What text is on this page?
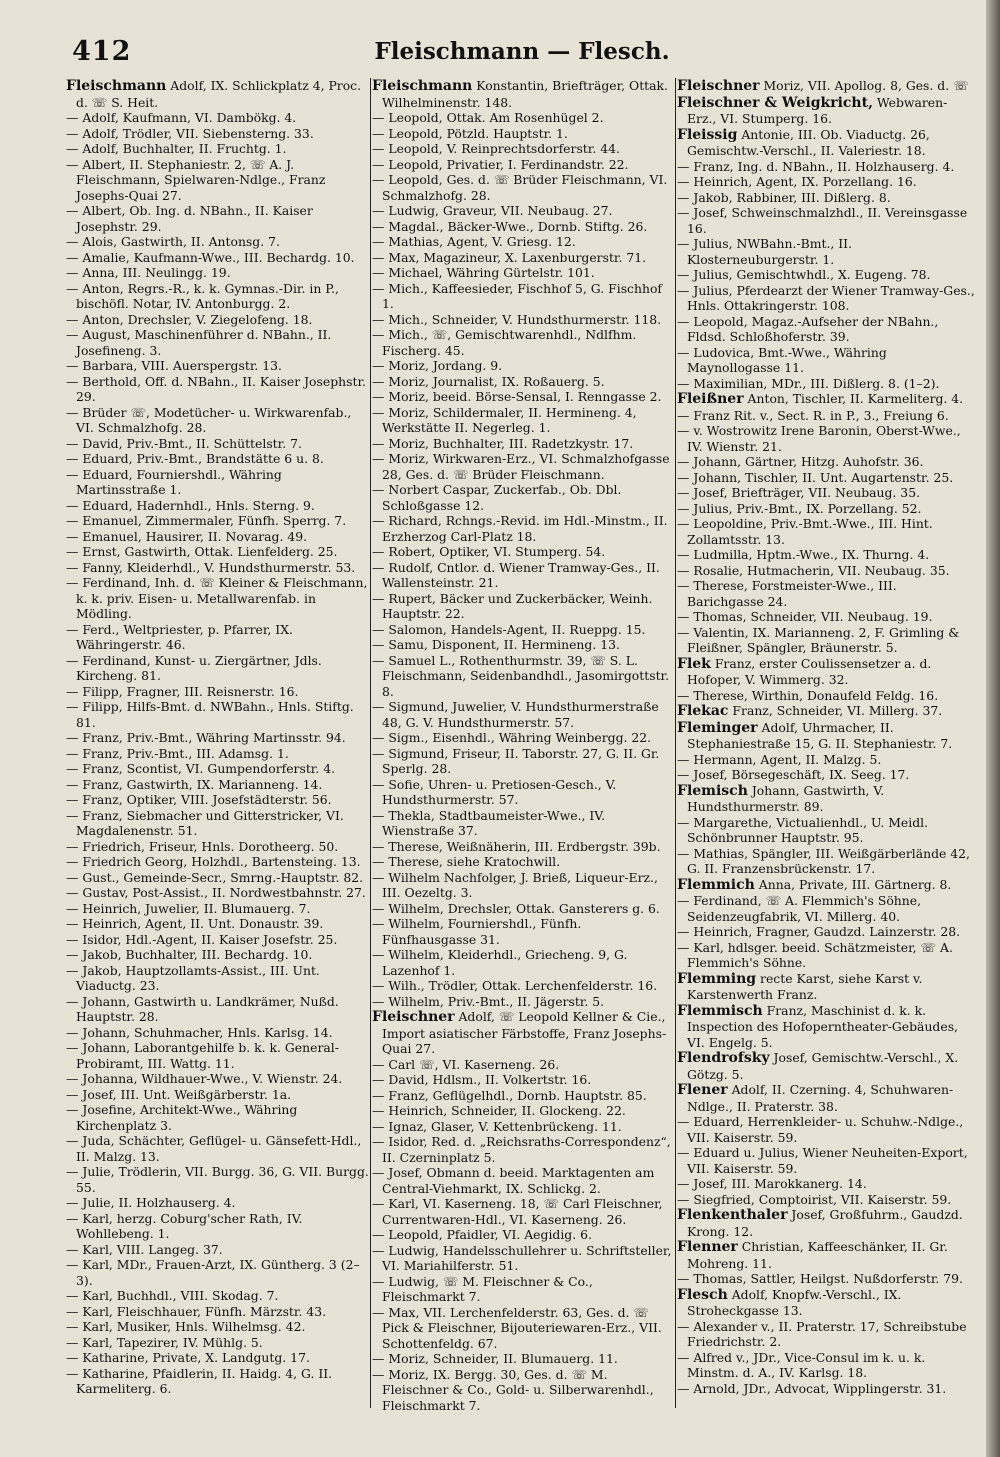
412	Fleischmann — Flesch.
Fleischmann Adolf, IX. Schlickplatz 4, Proc. d. ☏ S. Heit.
— Adolf, Kaufmann, VI. Dambökg. 4.
— Adolf, Trödler, VII. Siebensterng. 33.
— Adolf, Buchhalter, II. Fruchtg. 1.
— Albert, II. Stephaniestr. 2, ☏ A. J. Fleischmann, Spielwaren-Ndlge., Franz Josephs-Quai 27.
— Albert, Ob. Ing. d. NBahn., II. Kaiser Josephstr. 29.
— Alois, Gastwirth, II. Antonsg. 7.
— Amalie, Kaufmann-Wwe., III. Bechardg. 10.
— Anna, III. Neulingg. 19.
— Anton, Regrs.-R., k. k. Gymnas.-Dir. in P., bischöfl. Notar, IV. Antonburgg. 2.
— Anton, Drechsler, V. Ziegelofeng. 18.
— August, Maschinenführer d. NBahn., II. Josefineng. 3.
— Barbara, VIII. Auerspergstr. 13.
— Berthold, Off. d. NBahn., II. Kaiser Josephstr. 29.
— Brüder ☏, Modetücher- u. Wirkwarenfab., VI. Schmalzhofg. 28.
— David, Priv.-Bmt., II. Schüttelstr. 7.
— Eduard, Priv.-Bmt., Brandstätte 6 u. 8.
— Eduard, Fourniershdl., Währing Martinsstraße 1.
— Eduard, Hadernhdl., Hnls. Sterng. 9.
— Emanuel, Zimmermaler, Fünfh. Sperrg. 7.
— Emanuel, Hausirer, II. Novarag. 49.
— Ernst, Gastwirth, Ottak. Lienfelderg. 25.
— Fanny, Kleiderhdl., V. Hundsthurmerstr. 53.
— Ferdinand, Inh. d. ☏ Kleiner & Fleischmann, k. k. priv. Eisen- u. Metallwarenfab. in Mödling.
— Ferd., Weltpriester, p. Pfarrer, IX. Währingerstr. 46.
— Ferdinand, Kunst- u. Ziergärtner, Jdls. Kircheng. 81.
— Filipp, Fragner, III. Reisnerstr. 16.
— Filipp, Hilfs-Bmt. d. NWBahn., Hnls. Stiftg. 81.
— Franz, Priv.-Bmt., Währing Martinsstr. 94.
— Franz, Priv.-Bmt., III. Adamsg. 1.
— Franz, Scontist, VI. Gumpendorferstr. 4.
— Franz, Gastwirth, IX. Marianneng. 14.
— Franz, Optiker, VIII. Josefstädterstr. 56.
— Franz, Siebmacher und Gitterstricker, VI. Magdalenenstr. 51.
— Friedrich, Friseur, Hnls. Dorotheerg. 50.
— Friedrich Georg, Holzhdl., Bartensteing. 13.
— Gust., Gemeinde-Secr., Smrng.-Hauptstr. 82.
— Gustav, Post-Assist., II. Nordwestbahnstr. 27.
— Heinrich, Juwelier, II. Blumauerg. 7.
— Heinrich, Agent, II. Unt. Donaustr. 39.
— Isidor, Hdl.-Agent, II. Kaiser Josefstr. 25.
— Jakob, Buchhalter, III. Bechardg. 10.
— Jakob, Hauptzollamts-Assist., III. Unt. Viaductg. 23.
— Johann, Gastwirth u. Landkrämer, Nußd. Hauptstr. 28.
— Johann, Schuhmacher, Hnls. Karlsg. 14.
— Johann, Laborantgehilfe b. k. k. General-Probiramt, III. Wattg. 11.
— Johanna, Wildhauer-Wwe., V. Wienstr. 24.
— Josef, III. Unt. Weißgärberstr. 1a.
— Josefine, Architekt-Wwe., Währing Kirchenplatz 3.
— Juda, Schächter, Geflügel- u. Gänsefett-Hdl., II. Malzg. 13.
— Julie, Trödlerin, VII. Burgg. 36, G. VII. Burgg. 55.
— Julie, II. Holzhauserg. 4.
— Karl, herzg. Coburg'scher Rath, IV. Wohllebeng. 1.
— Karl, VIII. Langeg. 37.
— Karl, MDr., Frauen-Arzt, IX. Güntherg. 3 (2–3).
— Karl, Buchhdl., VIII. Skodag. 7.
— Karl, Fleischhauer, Fünfh. Märzstr. 43.
— Karl, Musiker, Hnls. Wilhelmsg. 42.
— Karl, Tapezirer, IV. Mühlg. 5.
— Katharine, Private, X. Landgutg. 17.
— Katharine, Pfaidlerin, II. Haidg. 4, G. II. Karmeliterg. 6.
Fleischmann Konstantin, Briefträger, Ottak. Wilhelminenstr. 148.
— Leopold, Ottak. Am Rosenhügel 2.
— Leopold, Pötzld. Hauptstr. 1.
— Leopold, V. Reinprechtsdorferstr. 44.
— Leopold, Privatier, I. Ferdinandstr. 22.
— Leopold, Ges. d. ☏ Brüder Fleischmann, VI. Schmalzhofg. 28.
— Ludwig, Graveur, VII. Neubaug. 27.
— Magdal., Bäcker-Wwe., Dornb. Stiftg. 26.
— Mathias, Agent, V. Griesg. 12.
— Max, Magazineur, X. Laxenburgerstr. 71.
— Michael, Währing Gürtelstr. 101.
— Mich., Kaffeesieder, Fischhof 5, G. Fischhof 1.
— Mich., Schneider, V. Hundsthurmerstr. 118.
— Mich., ☏, Gemischtwarenhdl., Ndlfhm. Fischerg. 45.
— Moriz, Jordang. 9.
— Moriz, Journalist, IX. Roßauerg. 5.
— Moriz, beeid. Börse-Sensal, I. Renngasse 2.
— Moriz, Schildermaler, II. Hermineng. 4, Werkstätte II. Negerleg. 1.
— Moriz, Buchhalter, III. Radetzkystr. 17.
— Moriz, Wirkwaren-Erz., VI. Schmalzhofgasse 28, Ges. d. ☏ Brüder Fleischmann.
— Norbert Caspar, Zuckerfab., Ob. Dbl. Schloßgasse 12.
— Richard, Rchngs.-Revid. im Hdl.-Minstm., II. Erzherzog Carl-Platz 18.
— Robert, Optiker, VI. Stumperg. 54.
— Rudolf, Cntlor. d. Wiener Tramway-Ges., II. Wallensteinstr. 21.
— Rupert, Bäcker und Zuckerbäcker, Weinh. Hauptstr. 22.
— Salomon, Handels-Agent, II. Rueppg. 15.
— Samu, Disponent, II. Hermineng. 13.
— Samuel L., Rothenthurmstr. 39, ☏ S. L. Fleischmann, Seidenbandhdl., Jasomirgottstr. 8.
— Sigmund, Juwelier, V. Hundsthurmerstraße 48, G. V. Hundsthurmerstr. 57.
— Sigm., Eisenhdl., Währing Weinbergg. 22.
— Sigmund, Friseur, II. Taborstr. 27, G. II. Gr. Sperlg. 28.
— Sofie, Uhren- u. Pretiosen-Gesch., V. Hundsthurmerstr. 57.
— Thekla, Stadtbaumeister-Wwe., IV. Wienstraße 37.
— Therese, Weißnäherin, III. Erdbergstr. 39b.
— Therese, siehe Kratochwill.
— Wilhelm Nachfolger, J. Brieß, Liqueur-Erz., III. Oezeltg. 3.
— Wilhelm, Drechsler, Ottak. Gansterers g. 6.
— Wilhelm, Fourniershdl., Fünfh. Fünfhausgasse 31.
— Wilhelm, Kleiderhdl., Griecheng. 9, G. Lazenhof 1.
— Wilh., Trödler, Ottak. Lerchenfelderstr. 16.
— Wilhelm, Priv.-Bmt., II. Jägerstr. 5.
Fleischner Adolf, ☏ Leopold Kellner & Cie., Import asiatischer Färbstoffe, Franz Josephs-Quai 27.
— Carl ☏, VI. Kaserneng. 26.
— David, Hdlsm., II. Volkertstr. 16.
— Franz, Geflügelhdl., Dornb. Hauptstr. 85.
— Heinrich, Schneider, II. Glockeng. 22.
— Ignaz, Glaser, V. Kettenbrückeng. 11.
— Isidor, Red. d. „Reichsraths-Correspondenz“, II. Czerninplatz 5.
— Josef, Obmann d. beeid. Marktagenten am Central-Viehmarkt, IX. Schlickg. 2.
— Karl, VI. Kaserneng. 18, ☏ Carl Fleischner, Currentwaren-Hdl., VI. Kaserneng. 26.
— Leopold, Pfaidler, VI. Aegidig. 6.
— Ludwig, Handelsschullehrer u. Schriftsteller, VI. Mariahilferstr. 51.
— Ludwig, ☏ M. Fleischner & Co., Fleischmarkt 7.
— Max, VII. Lerchenfelderstr. 63, Ges. d. ☏ Pick & Fleischner, Bijouteriewaren-Erz., VII. Schottenfeldg. 67.
— Moriz, Schneider, II. Blumauerg. 11.
— Moriz, IX. Bergg. 30, Ges. d. ☏ M. Fleischner & Co., Gold- u. Silberwarenhdl., Fleischmarkt 7.
Fleischner Moriz, VII. Apollog. 8, Ges. d. ☏
Fleischner & Weigkricht, Webwaren-Erz., VI. Stumperg. 16.
Fleissig Antonie, III. Ob. Viaductg. 26, Gemischtw.-Verschl., II. Valeriestr. 18.
— Franz, Ing. d. NBahn., II. Holzhauserg. 4.
— Heinrich, Agent, IX. Porzellang. 16.
— Jakob, Rabbiner, III. Dißlerg. 8.
— Josef, Schweinschmalzhdl., II. Vereinsgasse 16.
— Julius, NWBahn.-Bmt., II. Klosterneuburgerstr. 1.
— Julius, Gemischtwhdl., X. Eugeng. 78.
— Julius, Pferdearzt der Wiener Tramway-Ges., Hnls. Ottakringerstr. 108.
— Leopold, Magaz.-Aufseher der NBahn., Fldsd. Schloßhoferstr. 39.
— Ludovica, Bmt.-Wwe., Währing Maynollogasse 11.
— Maximilian, MDr., III. Dißlerg. 8. (1–2).
Fleißner Anton, Tischler, II. Karmeliterg. 4.
— Franz Rit. v., Sect. R. in P., 3., Freiung 6.
— v. Wostrowitz Irene Baronin, Oberst-Wwe., IV. Wienstr. 21.
— Johann, Gärtner, Hitzg. Auhofstr. 36.
— Johann, Tischler, II. Unt. Augartenstr. 25.
— Josef, Briefträger, VII. Neubaug. 35.
— Julius, Priv.-Bmt., IX. Porzellang. 52.
— Leopoldine, Priv.-Bmt.-Wwe., III. Hint. Zollamtsstr. 13.
— Ludmilla, Hptm.-Wwe., IX. Thurng. 4.
— Rosalie, Hutmacherin, VII. Neubaug. 35.
— Therese, Forstmeister-Wwe., III. Barichgasse 24.
— Thomas, Schneider, VII. Neubaug. 19.
— Valentin, IX. Marianneng. 2, F. Grimling & Fleißner, Spängler, Bräunerstr. 5.
Flek Franz, erster Coulissensetzer a. d. Hofoper, V. Wimmerg. 32.
— Therese, Wirthin, Donaufeld Feldg. 16.
Flekac Franz, Schneider, VI. Millerg. 37.
Fleminger Adolf, Uhrmacher, II. Stephaniestraße 15, G. II. Stephaniestr. 7.
— Hermann, Agent, II. Malzg. 5.
— Josef, Börsegeschäft, IX. Seeg. 17.
Flemisch Johann, Gastwirth, V. Hundsthurmerstr. 89.
— Margarethe, Victualienhdl., U. Meidl. Schönbrunner Hauptstr. 95.
— Mathias, Spängler, III. Weißgärberlände 42, G. II. Franzensbrückenstr. 17.
Flemmich Anna, Private, III. Gärtnerg. 8.
— Ferdinand, ☏ A. Flemmich's Söhne, Seidenzeugfabrik, VI. Millerg. 40.
— Heinrich, Fragner, Gaudzd. Lainzerstr. 28.
— Karl, hdlsger. beeid. Schätzmeister, ☏ A. Flemmich's Söhne.
Flemming recte Karst, siehe Karst v. Karstenwerth Franz.
Flemmisch Franz, Maschinist d. k. k. Inspection des Hofoperntheater-Gebäudes, VI. Engelg. 5.
Flendrofsky Josef, Gemischtw.-Verschl., X. Götzg. 5.
Flener Adolf, II. Czerning. 4, Schuhwaren-Ndlge., II. Praterstr. 38.
— Eduard, Herrenkleider- u. Schuhw.-Ndlge., VII. Kaiserstr. 59.
— Eduard u. Julius, Wiener Neuheiten-Export, VII. Kaiserstr. 59.
— Josef, III. Marokkanerg. 14.
— Siegfried, Comptoirist, VII. Kaiserstr. 59.
Flenkenthaler Josef, Großfuhrm., Gaudzd. Krong. 12.
Flenner Christian, Kaffeeschänker, II. Gr. Mohreng. 11.
— Thomas, Sattler, Heilgst. Nußdorferstr. 79.
Flesch Adolf, Knopfw.-Verschl., IX. Stroheckgasse 13.
— Alexander v., II. Praterstr. 17, Schreibstube Friedrichstr. 2.
— Alfred v., JDr., Vice-Consul im k. u. k. Minstm. d. A., IV. Karlsg. 18.
— Arnold, JDr., Advocat, Wipplingerstr. 31.
